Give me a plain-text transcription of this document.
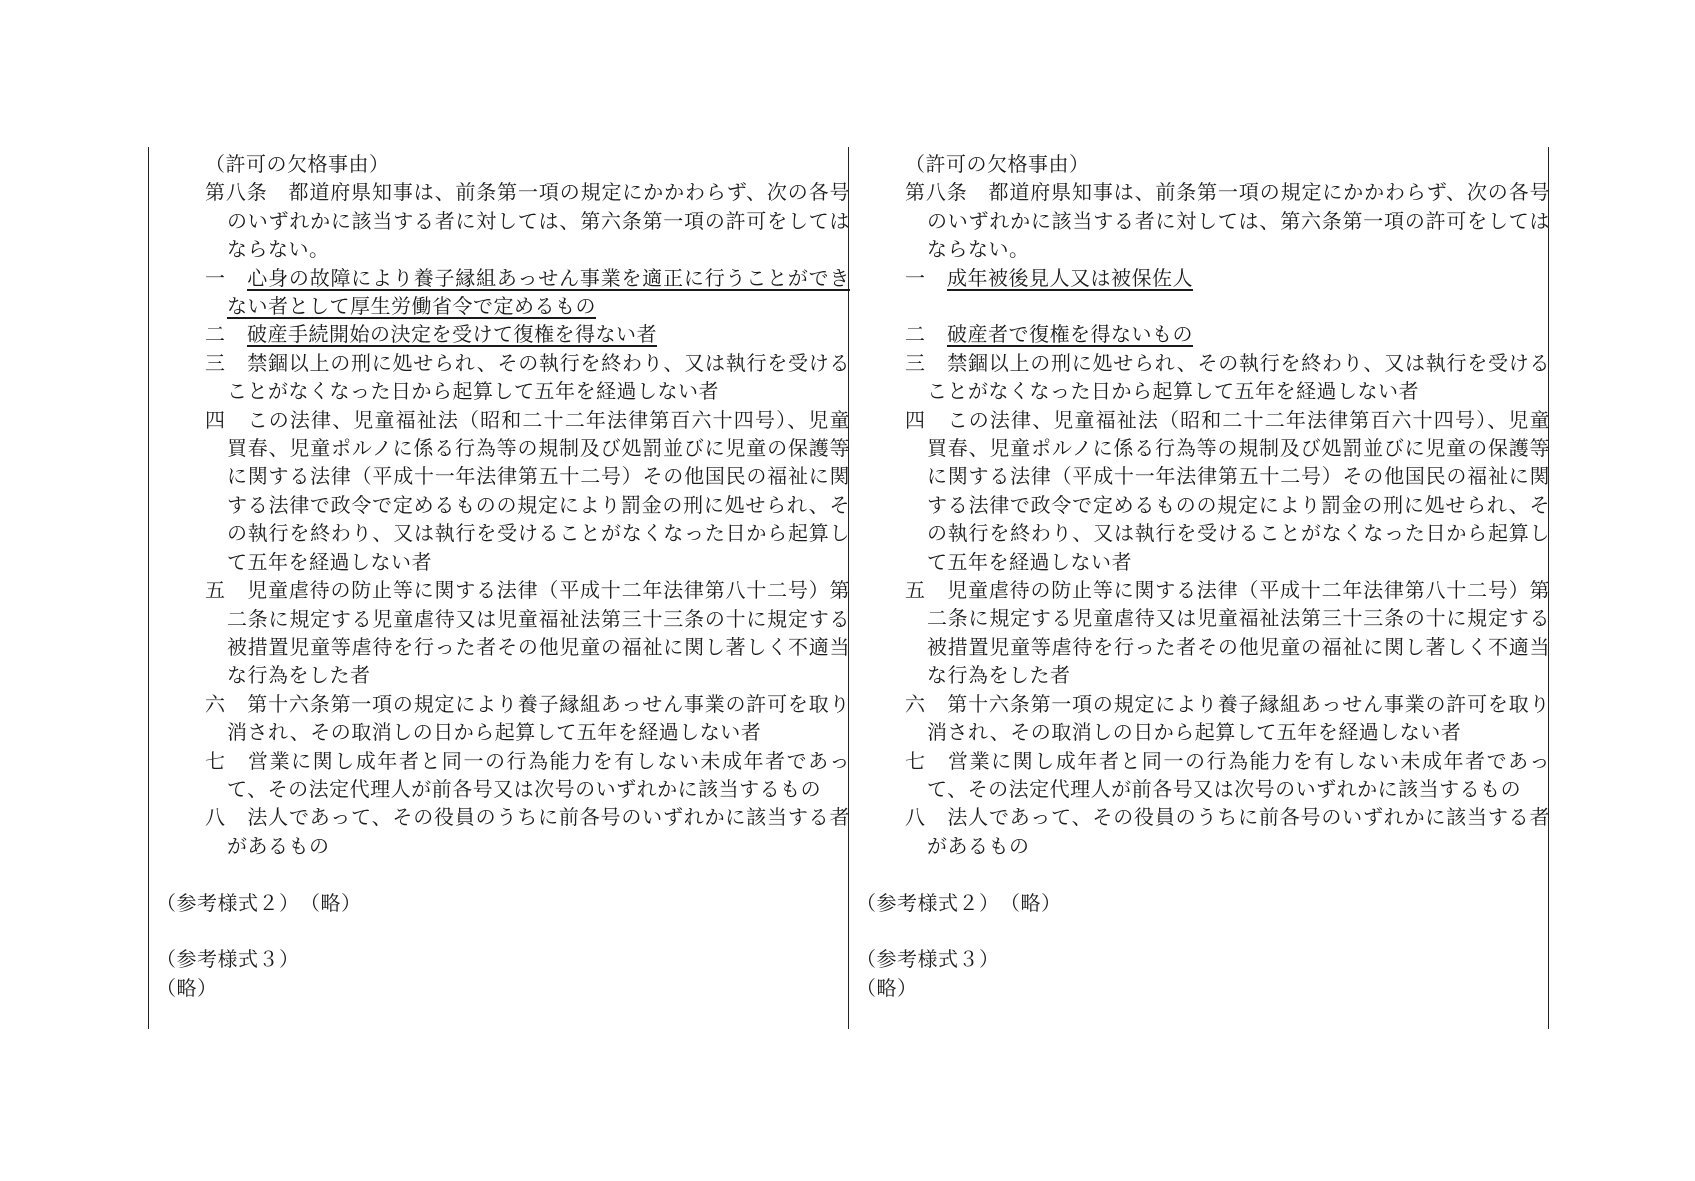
（許可の欠格事由）
第八条　 都道府県知事は、前条第一項の規定にかかわらず、次の各号のいずれかに該当する者に対しては、第六条第一項の許可をしてはならない。
一 心身の故障により養子縁組あっせん事業を適正に行うことができない者として厚生労働省令で定めるもの
二 破産手続開始の決定を受けて復権を得ない者
三 禁錮以上の刑に処せられ、その執行を終わり、又は執行を受けることがなくなった日から起算して五年を経過しない者
四 この法律、児童福祉法（昭和二十二年法律第百六十四号）、児童買春、児童ポルノに係る行為等の規制及び処罰並びに児童の保護等に関する法律（平成十一年法律第五十二号）その他国民の福祉に関する法律で政令で定めるものの規定により罰金の刑に処せられ、その執行を終わり、又は執行を受けることがなくなった日から起算して五年を経過しない者
五 児童虐待の防止等に関する法律（平成十二年法律第八十二号）第二条に規定する児童虐待又は児童福祉法第三十三条の十に規定する被措置児童等虐待を行った者その他児童の福祉に関し著しく不適当な行為をした者
六 第十六条第一項の規定により養子縁組あっせん事業の許可を取り消され、その取消しの日から起算して五年を経過しない者
七 営業に関し成年者と同一の行為能力を有しない未成年者であって、その法定代理人が前各号又は次号のいずれかに該当するもの
八 法人であって、その役員のうちに前各号のいずれかに該当する者があるもの
（参考様式２）　（略）
（参考様式３）
（略）
（許可の欠格事由）
第八条　 都道府県知事は、前条第一項の規定にかかわらず、次の各号のいずれかに該当する者に対しては、第六条第一項の許可をしてはならない。
一 成年被後見人又は被保佐人
二 破産者で復権を得ないもの
三 禁錮以上の刑に処せられ、その執行を終わり、又は執行を受けることがなくなった日から起算して五年を経過しない者
四 この法律、児童福祉法（昭和二十二年法律第百六十四号）、児童買春、児童ポルノに係る行為等の規制及び処罰並びに児童の保護等に関する法律（平成十一年法律第五十二号）その他国民の福祉に関する法律で政令で定めるものの規定により罰金の刑に処せられ、その執行を終わり、又は執行を受けることがなくなった日から起算して五年を経過しない者
五 児童虐待の防止等に関する法律（平成十二年法律第八十二号）第二条に規定する児童虐待又は児童福祉法第三十三条の十に規定する被措置児童等虐待を行った者その他児童の福祉に関し著しく不適当な行為をした者
六 第十六条第一項の規定により養子縁組あっせん事業の許可を取り消され、その取消しの日から起算して五年を経過しない者
七 営業に関し成年者と同一の行為能力を有しない未成年者であって、その法定代理人が前各号又は次号のいずれかに該当するもの
八 法人であって、その役員のうちに前各号のいずれかに該当する者があるもの
（参考様式２）　（略）
（参考様式３）
（略）
